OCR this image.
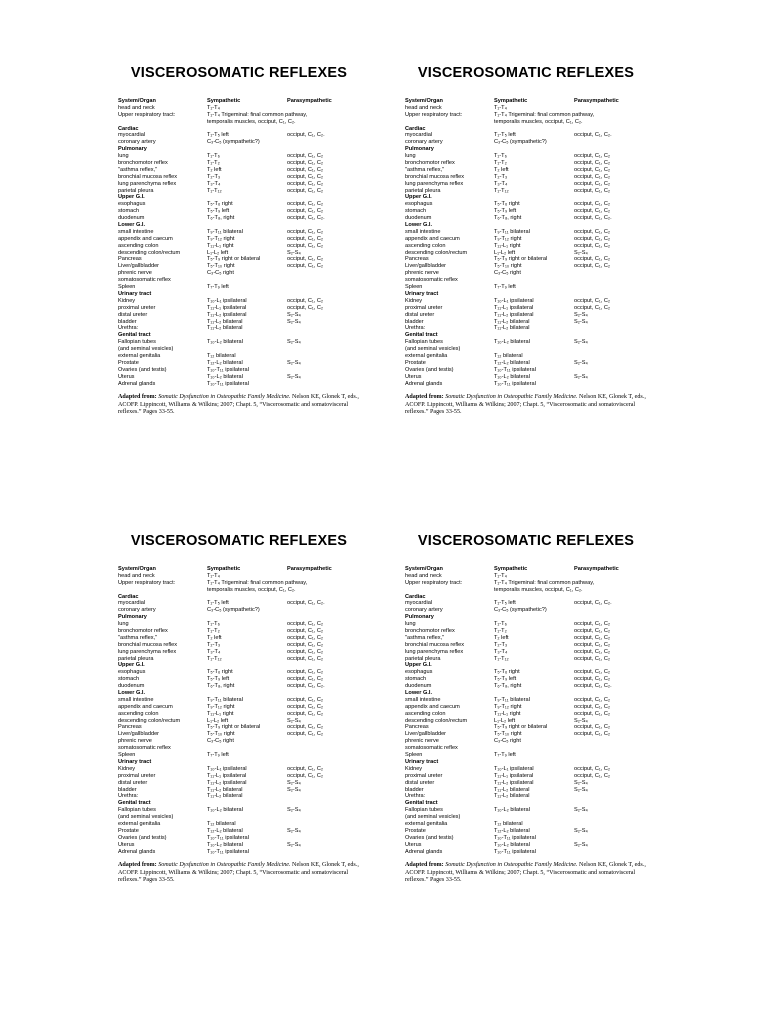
VISCEROSOMATIC REFLEXES
System/Organ	Sympathetic	Parasympathetic
head and neck	T₁-T₄
Upper respiratory tract:	T₁-T₄ Trigeminal: final common pathway,
temporalis muscles, occiput, C₁, C₂.
Cardiac
myocardial	T₁-T₅ left	occiput, C₁, C₂.
coronary artery	C₃-C₅ (sympathetic?)
Pulmonary
lung	T₁-T₆	occiput, C₁, C₂
bronchomotor reflex	T₁-T₂	occiput, C₁, C₂
"asthma reflex,"	T₂ left	occiput, C₁, C₂
bronchial mucosa reflex	T₂-T₃	occiput, C₁, C₂
lung parenchyma reflex	T₃-T₄	occiput, C₁, C₂
parietal pleura	T₁-T₁₂	occiput, C₁, C₂
Upper G.I.
esophagus	T₅-T₆ right	occiput, C₁, C₂
stomach	T₅-T₉ left	occiput, C₁, C₂
duodenum	T₆-T₈, right	occiput, C₁, C₂.
Lower G.I.
small intestine	T₉-T₁₁ bilateral	occiput, C₁, C₂
appendix and caecum	T₉-T₁₂ right	occiput, C₁, C₂
ascending colon	T₁₁-L₁ right	occiput, C₁, C₂
descending colon/rectum	L₁-L₂ left	S₂-S₄
Pancreas	T₅-T₉ right or bilateral	occiput, C₁, C₂
Liver/gallbladder	T₅-T₁₀ right	occiput, C₁, C₂
phrenic nerve	C₃-C₅ right
somatosomatic reflex
Spleen	T₇-T₉ left
Urinary tract
Kidney	T₁₀-L₁ ipsilateral	occiput, C₁, C₂
proximal ureter	T₁₁-L₁ ipsilateral	occiput, C₁, C₂
distal ureter	T₁₁-L₂ ipsilateral	S₂-S₄
bladder	T₁₁-L₂ bilateral	S₂-S₄
Urethra:	T₁₁-L₂ bilateral
Genital tract
Fallopian tubes	T₁₀-L₂ bilateral	S₂-S₄
(and seminal vesicles)
external genitalia	T₁₂ bilateral
Prostate	T₁₂-L₂ bilateral	S₂-S₄
Ovaries (and testis)	T₁₀-T₁₁ ipsilateral
Uterus	T₁₀-L₂ bilateral	S₂-S₄
Adrenal glands	T₁₀-T₁₁ ipsilateral
Adapted from: Somatic Dysfunction in Osteopathic Family Medicine. Nelson KE, Glonek T, eds., ACOFP. Lippincott, Williams & Wilkins; 2007; Chapt. 5, “Viscerosomatic and somatovisceral reflexes.” Pages 33-55.
VISCEROSOMATIC REFLEXES
System/Organ	Sympathetic	Parasympathetic
head and neck	T₁-T₄
Upper respiratory tract:	T₁-T₄ Trigeminal: final common pathway,
temporalis muscles, occiput, C₁, C₂.
Cardiac
myocardial	T₁-T₅ left	occiput, C₁, C₂.
coronary artery	C₃-C₅ (sympathetic?)
Pulmonary
lung	T₁-T₆	occiput, C₁, C₂
bronchomotor reflex	T₁-T₂	occiput, C₁, C₂
"asthma reflex,"	T₂ left	occiput, C₁, C₂
bronchial mucosa reflex	T₂-T₃	occiput, C₁, C₂
lung parenchyma reflex	T₃-T₄	occiput, C₁, C₂
parietal pleura	T₁-T₁₂	occiput, C₁, C₂
Upper G.I.
esophagus	T₅-T₆ right	occiput, C₁, C₂
stomach	T₅-T₉ left	occiput, C₁, C₂
duodenum	T₆-T₈, right	occiput, C₁, C₂.
Lower G.I.
small intestine	T₉-T₁₁ bilateral	occiput, C₁, C₂
appendix and caecum	T₉-T₁₂ right	occiput, C₁, C₂
ascending colon	T₁₁-L₁ right	occiput, C₁, C₂
descending colon/rectum	L₁-L₂ left	S₂-S₄
Pancreas	T₅-T₉ right or bilateral	occiput, C₁, C₂
Liver/gallbladder	T₅-T₁₀ right	occiput, C₁, C₂
phrenic nerve	C₃-C₅ right
somatosomatic reflex
Spleen	T₇-T₉ left
Urinary tract
Kidney	T₁₀-L₁ ipsilateral	occiput, C₁, C₂
proximal ureter	T₁₁-L₁ ipsilateral	occiput, C₁, C₂
distal ureter	T₁₁-L₂ ipsilateral	S₂-S₄
bladder	T₁₁-L₂ bilateral	S₂-S₄
Urethra:	T₁₁-L₂ bilateral
Genital tract
Fallopian tubes	T₁₀-L₂ bilateral	S₂-S₄
(and seminal vesicles)
external genitalia	T₁₂ bilateral
Prostate	T₁₂-L₂ bilateral	S₂-S₄
Ovaries (and testis)	T₁₀-T₁₁ ipsilateral
Uterus	T₁₀-L₂ bilateral	S₂-S₄
Adrenal glands	T₁₀-T₁₁ ipsilateral
Adapted from: Somatic Dysfunction in Osteopathic Family Medicine. Nelson KE, Glonek T, eds., ACOFP. Lippincott, Williams & Wilkins; 2007; Chapt. 5, “Viscerosomatic and somatovisceral reflexes.” Pages 33-55.
VISCEROSOMATIC REFLEXES
System/Organ	Sympathetic	Parasympathetic
head and neck	T₁-T₄
Upper respiratory tract:	T₁-T₄ Trigeminal: final common pathway,
temporalis muscles, occiput, C₁, C₂.
Cardiac
myocardial	T₁-T₅ left	occiput, C₁, C₂.
coronary artery	C₃-C₅ (sympathetic?)
Pulmonary
lung	T₁-T₆	occiput, C₁, C₂
bronchomotor reflex	T₁-T₂	occiput, C₁, C₂
"asthma reflex,"	T₂ left	occiput, C₁, C₂
bronchial mucosa reflex	T₂-T₃	occiput, C₁, C₂
lung parenchyma reflex	T₃-T₄	occiput, C₁, C₂
parietal pleura	T₁-T₁₂	occiput, C₁, C₂
Upper G.I.
esophagus	T₅-T₆ right	occiput, C₁, C₂
stomach	T₅-T₉ left	occiput, C₁, C₂
duodenum	T₆-T₈, right	occiput, C₁, C₂.
Lower G.I.
small intestine	T₉-T₁₁ bilateral	occiput, C₁, C₂
appendix and caecum	T₉-T₁₂ right	occiput, C₁, C₂
ascending colon	T₁₁-L₁ right	occiput, C₁, C₂
descending colon/rectum	L₁-L₂ left	S₂-S₄
Pancreas	T₅-T₉ right or bilateral	occiput, C₁, C₂
Liver/gallbladder	T₅-T₁₀ right	occiput, C₁, C₂
phrenic nerve	C₃-C₅ right
somatosomatic reflex
Spleen	T₇-T₉ left
Urinary tract
Kidney	T₁₀-L₁ ipsilateral	occiput, C₁, C₂
proximal ureter	T₁₁-L₁ ipsilateral	occiput, C₁, C₂
distal ureter	T₁₁-L₂ ipsilateral	S₂-S₄
bladder	T₁₁-L₂ bilateral	S₂-S₄
Urethra:	T₁₁-L₂ bilateral
Genital tract
Fallopian tubes	T₁₀-L₂ bilateral	S₂-S₄
(and seminal vesicles)
external genitalia	T₁₂ bilateral
Prostate	T₁₂-L₂ bilateral	S₂-S₄
Ovaries (and testis)	T₁₀-T₁₁ ipsilateral
Uterus	T₁₀-L₂ bilateral	S₂-S₄
Adrenal glands	T₁₀-T₁₁ ipsilateral
Adapted from: Somatic Dysfunction in Osteopathic Family Medicine. Nelson KE, Glonek T, eds., ACOFP. Lippincott, Williams & Wilkins; 2007; Chapt. 5, “Viscerosomatic and somatovisceral reflexes.” Pages 33-55.
VISCEROSOMATIC REFLEXES
System/Organ	Sympathetic	Parasympathetic
head and neck	T₁-T₄
Upper respiratory tract:	T₁-T₄ Trigeminal: final common pathway,
temporalis muscles, occiput, C₁, C₂.
Cardiac
myocardial	T₁-T₅ left	occiput, C₁, C₂.
coronary artery	C₃-C₅ (sympathetic?)
Pulmonary
lung	T₁-T₆	occiput, C₁, C₂
bronchomotor reflex	T₁-T₂	occiput, C₁, C₂
"asthma reflex,"	T₂ left	occiput, C₁, C₂
bronchial mucosa reflex	T₂-T₃	occiput, C₁, C₂
lung parenchyma reflex	T₃-T₄	occiput, C₁, C₂
parietal pleura	T₁-T₁₂	occiput, C₁, C₂
Upper G.I.
esophagus	T₅-T₆ right	occiput, C₁, C₂
stomach	T₅-T₉ left	occiput, C₁, C₂
duodenum	T₆-T₈, right	occiput, C₁, C₂.
Lower G.I.
small intestine	T₉-T₁₁ bilateral	occiput, C₁, C₂
appendix and caecum	T₉-T₁₂ right	occiput, C₁, C₂
ascending colon	T₁₁-L₁ right	occiput, C₁, C₂
descending colon/rectum	L₁-L₂ left	S₂-S₄
Pancreas	T₅-T₉ right or bilateral	occiput, C₁, C₂
Liver/gallbladder	T₅-T₁₀ right	occiput, C₁, C₂
phrenic nerve	C₃-C₅ right
somatosomatic reflex
Spleen	T₇-T₉ left
Urinary tract
Kidney	T₁₀-L₁ ipsilateral	occiput, C₁, C₂
proximal ureter	T₁₁-L₁ ipsilateral	occiput, C₁, C₂
distal ureter	T₁₁-L₂ ipsilateral	S₂-S₄
bladder	T₁₁-L₂ bilateral	S₂-S₄
Urethra:	T₁₁-L₂ bilateral
Genital tract
Fallopian tubes	T₁₀-L₂ bilateral	S₂-S₄
(and seminal vesicles)
external genitalia	T₁₂ bilateral
Prostate	T₁₂-L₂ bilateral	S₂-S₄
Ovaries (and testis)	T₁₀-T₁₁ ipsilateral
Uterus	T₁₀-L₂ bilateral	S₂-S₄
Adrenal glands	T₁₀-T₁₁ ipsilateral
Adapted from: Somatic Dysfunction in Osteopathic Family Medicine. Nelson KE, Glonek T, eds., ACOFP. Lippincott, Williams & Wilkins; 2007; Chapt. 5, “Viscerosomatic and somatovisceral reflexes.” Pages 33-55.
